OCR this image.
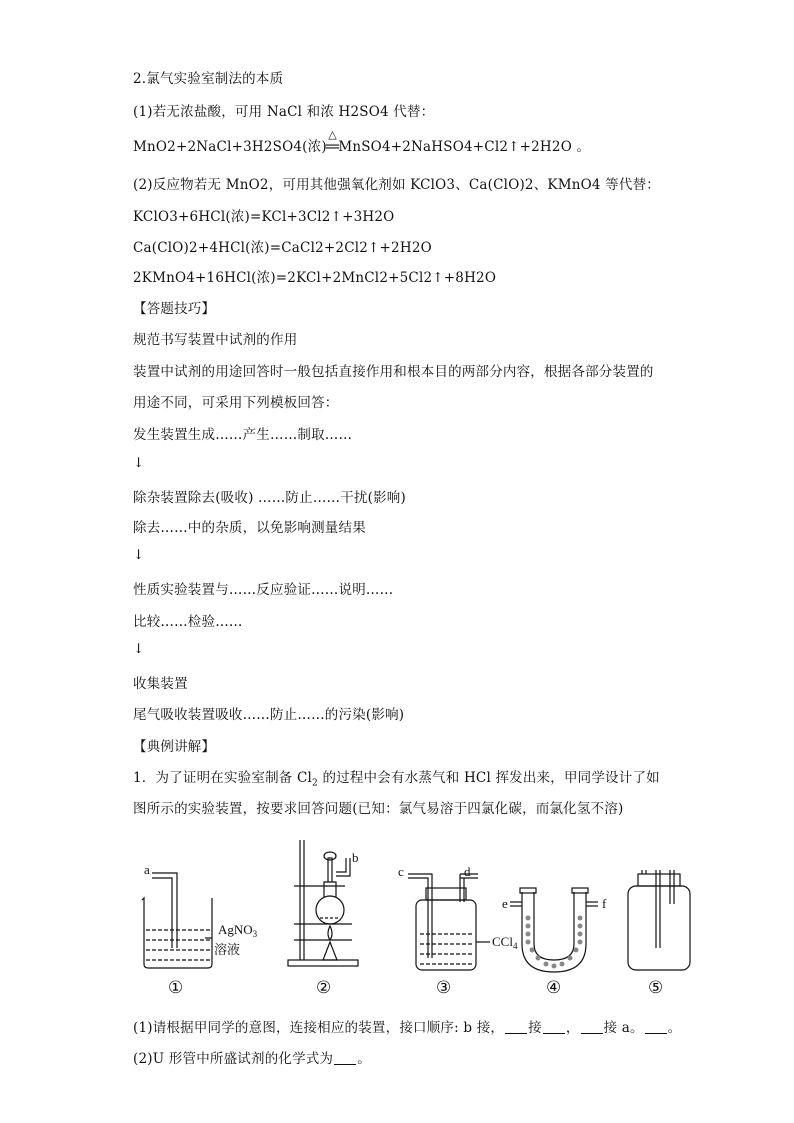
2.氯气实验室制法的本质
(1)若无浓盐酸，可用 NaCl 和浓 H2SO4 代替：
MnO2+2NaCl+3H2SO4(浓)
△
=MnSO4+2NaHSO4+Cl2↑+2H2O 。
(2)反应物若无 MnO2，可用其他强氧化剂如 KClO3、Ca(ClO)2、KMnO4 等代替：
KClO3+6HCl(浓)=KCl+3Cl2↑+3H2O
Ca(ClO)2+4HCl(浓)=CaCl2+2Cl2↑+2H2O
2KMnO4+16HCl(浓)=2KCl+2MnCl2+5Cl2↑+8H2O
【答题技巧】
规范书写装置中试剂的作用
装置中试剂的用途回答时一般包括直接作用和根本目的两部分内容，根据各部分装置的
用途不同，可采用下列模板回答：
发生装置生成……产生……制取……
↓
除杂装置除去(吸收) ……防止……干扰(影响)
除去……中的杂质，以免影响测量结果
↓
性质实验装置与……反应验证……说明……
比较……检验……
↓
收集装置
尾气吸收装置吸收……防止……的污染(影响)
【典例讲解】
1．为了证明在实验室制备 $Cl_2$ 的过程中会有水蒸气和 HCl 挥发出来，甲同学设计了如
图所示的实验装置，按要求回答问题(已知：氯气易溶于四氯化碳，而氯化氢不溶)
a
AgNO$_3$
溶液
b
c	d
CCl$_4$
e	f
①	②	③	④	⑤
(1)请根据甲同学的意图，连接相应的装置，接口顺序: b 接， 接 ， 接 a。 。
(2)U 形管中所盛试剂的化学式为 。
